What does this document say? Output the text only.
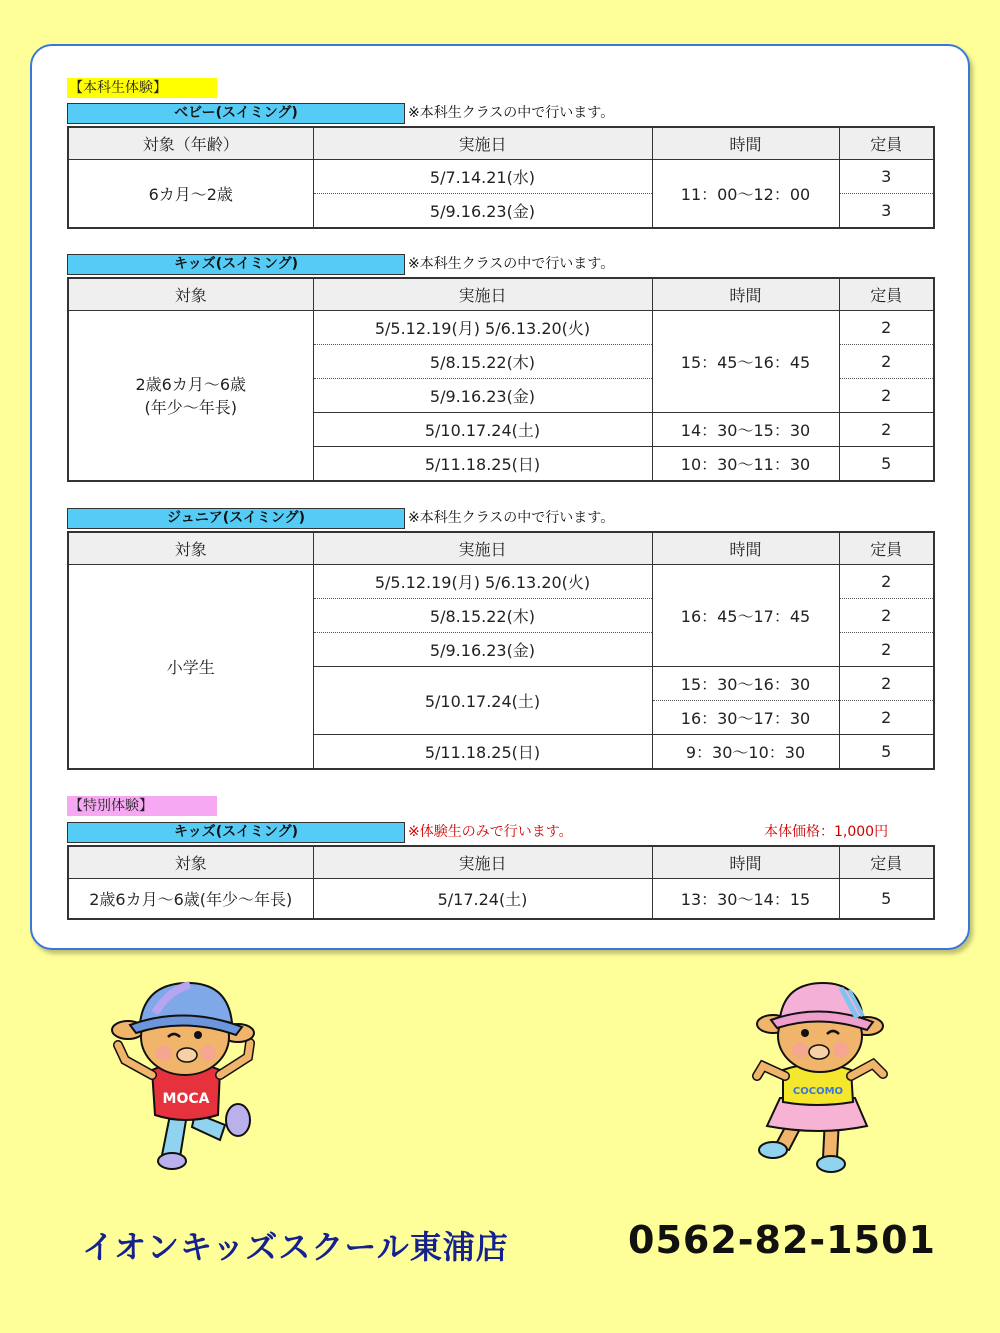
【本科生体験】
ベビー(スイミング)	※本科生クラスの中で行います。
対象（年齢）	実施日	時間	定員
6カ月～2歳	5/7.14.21(水)	11：00～12：00	3
	5/9.16.23(金)		3
キッズ(スイミング)	※本科生クラスの中で行います。
対象	実施日	時間	定員

2歳6カ月～6歳
(年少～年長)	5/5.12.19(月) 5/6.13.20(火)	15：45～16：45	2
	5/8.15.22(木)		2
	5/9.16.23(金)		2
	5/10.17.24(土)	14：30～15：30	2
	5/11.18.25(日)	10：30～11：30	5
ジュニア(スイミング)	※本科生クラスの中で行います。
対象	実施日	時間	定員
小学生	5/5.12.19(月) 5/6.13.20(火)	16：45～17：45	2
	5/8.15.22(木)		2
	5/9.16.23(金)		2
	5/10.17.24(土)	15：30～16：30	2
		16：30～17：30	2
	5/11.18.25(日)	9：30～10：30	5
【特別体験】
キッズ(スイミング)	※体験生のみで行います。	本体価格：1,000円
対象	実施日	時間	定員
2歳6カ月～6歳(年少～年長)	5/17.24(土)	13：30～14：15	5
MOCA	COCOMO
イオンキッズスクール東浦店	0562-82-1501
